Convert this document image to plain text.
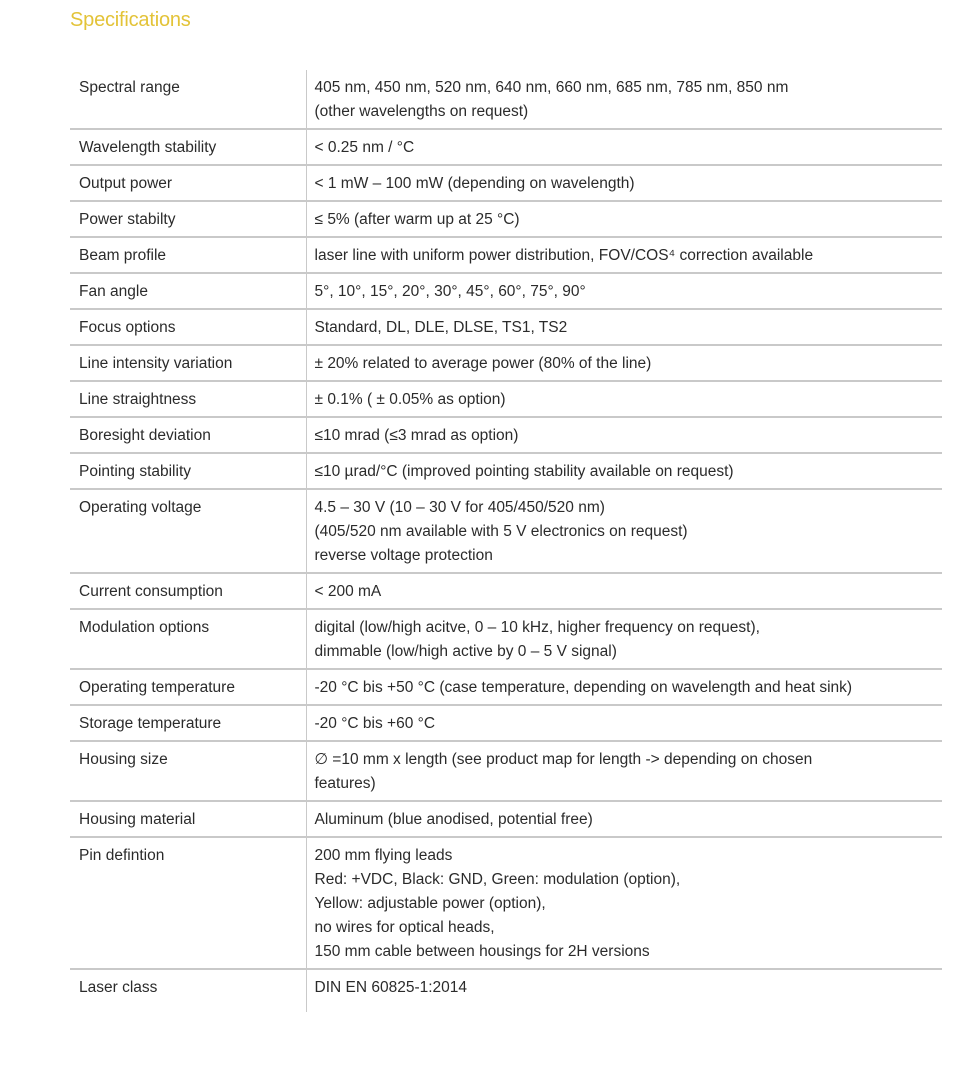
Specifications
Spectral range	405 nm, 450 nm, 520 nm, 640 nm, 660 nm, 685 nm, 785 nm, 850 nm
(other wavelengths on request)
Wavelength stability	< 0.25 nm / °C
Output power	< 1 mW – 100 mW (depending on wavelength)
Power stabilty	≤ 5% (after warm up at 25 °C)
Beam profile	laser line with uniform power distribution, FOV/COS⁴ correction available
Fan angle	5°, 10°, 15°, 20°, 30°, 45°, 60°, 75°, 90°
Focus options	Standard, DL, DLE, DLSE, TS1, TS2
Line intensity variation	± 20% related to average power (80% of the line)
Line straightness	± 0.1% ( ± 0.05% as option)
Boresight deviation	≤10 mrad (≤3 mrad as option)
Pointing stability	≤10 µrad/°C (improved pointing stability available on request)
Operating voltage	4.5 – 30 V (10 – 30 V for 405/450/520 nm)
(405/520 nm available with 5 V electronics on request)
reverse voltage protection
Current consumption	< 200 mA
Modulation options	digital (low/high acitve, 0 – 10 kHz, higher frequency on request),
dimmable (low/high active by 0 – 5 V signal)
Operating temperature	-20 °C bis +50 °C (case temperature, depending on wavelength and heat sink)
Storage temperature	-20 °C bis +60 °C
Housing size	∅ =10 mm x length (see product map for length -> depending on chosen
features)
Housing material	Aluminum (blue anodised, potential free)
Pin defintion	200 mm flying leads
Red: +VDC, Black: GND, Green: modulation (option),
Yellow: adjustable power (option),
no wires for optical heads,
150 mm cable between housings for 2H versions
Laser class	DIN EN 60825-1:2014
